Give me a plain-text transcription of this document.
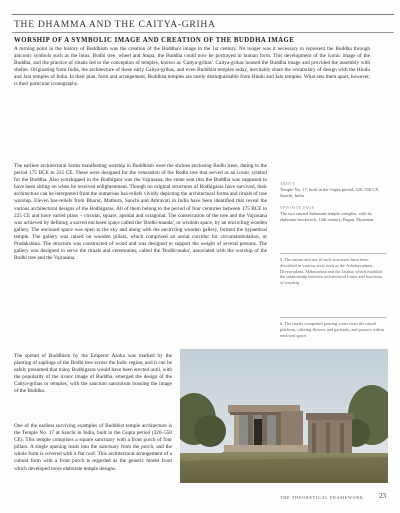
THE DHAMMA AND THE CAITYA-GRIHA
WORSHIP OF A SYMBOLIC IMAGE AND CREATION OF THE BUDDHA IMAGE

A turning point in the history of Buddhism was the creation of the Buddha's image in the 1st century. No longer was it necessary to represent the Buddha through aniconic symbols such as the lotus, Bodhi tree, wheel and Stupa; the Buddha could now be portrayed in human form. This development of the iconic image of the Buddha, and the practice of rituals led to the conception of temples, known as 'Caitya-grihas'. Caitya-grihas housed the Buddha image and provided the assembly with shelter. Originating from India, the architecture of these early Caitya-grihas, and even Buddhist temples today, inevitably share the vocabulary of design with the Hindu and Jain temples of India. In their plan, form and arrangement, Buddhist temples are rarely distinguishable from Hindu and Jain temples. What sets them apart, however, is their particular iconography.

The earliest architectural forms manifesting worship in Buddhism were the shrines enclosing Bodhi trees, dating to the period 175 BCE to 225 CE. These were designed for the veneration of the Bodhi tree that served as an iconic symbol for the Buddha. Also worshipped in the Bodhigara was the Vajrasana, the stone seat that the Buddha was supposed to have been sitting on when he received enlightenment. Though no original structures of Bodhigaras have survived, their architecture can be interpreted from the numerous bas-reliefs vividly depicting the architectural forms and rituals of tree worship. Eleven bas-reliefs from Bharut, Mathura, Sanchi and Amravati in India have been identified that reveal the various architectural designs of the Bodhigaras. All of them belong to the period of four centuries between 175 BCE to 225 CE and have varied plans – circular, square, apsidal and octagonal. The consecration of the tree and the Vajrasana was achieved by defining a sacred enclosed space called the 'Bodhi-manda', or wisdom space, by an encircling wooden gallery. The enclosed space was open to the sky and along with the encircling wooden gallery, formed the hypaethral temple. The gallery was raised on wooden pillars, which comprised an aerial corridor for circumambulation, or Pradakshina. The structure was constructed of wood and was designed to support the weight of several persons. The gallery was designed to serve the rituals and ceremonies, called the 'Bodhi-maha', associated with the worship of the Bodhi tree and the Vajrasana.

The spread of Buddhism by the Emperor Asoka was marked by the planting of saplings of the Bodhi tree across the Indic region, and it can be safely presumed that many Bodhigaras would have been erected until, with the popularity of the iconic image of Buddha, emerged the design of the Caitya-grihas or temples, with the sanctum sanctorum housing the image of the Buddha.

One of the earliest surviving examples of Buddhist temple architecture is the Temple No. 17 at Sanchi in India, built in the Gupta period (320–550 CE). This temple comprises a square sanctuary with a front porch of four pillars. A single opening leads into the sanctuary from the porch, and the whole form is covered with a flat roof. This architectural arrangement of a cuboid form with a front porch is regarded as the generic model from which developed more elaborate temple designs.

ABOVE
Temple No. 17, built in the Gupta period, 320–550 CE, Sanchi, India
OPPOSITE PAGE
The two storied Sulamani temple complex, with its elaborate brickwork, 12th century, Pagan, Myanmar

5. The nature and use of such structures have been described in various texts such as the Ashokavadana, Divyavadana, Mahavamsa and the Jatakas which establish the relationship between architectural forms and functions of worship.

6. The rituals comprised pouring water from the raised platform, offering flowers and garlands, and prayers within enclosed space.

THE THEORETICAL FRAMEWORK 23
